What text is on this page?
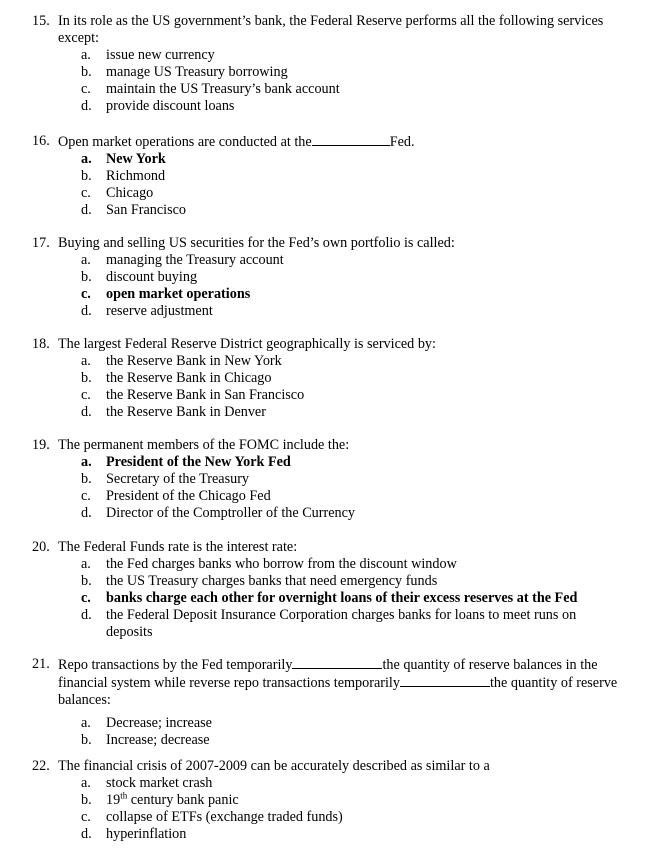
15. In its role as the US government’s bank, the Federal Reserve performs all the following services except:
a. issue new currency
b. manage US Treasury borrowing
c. maintain the US Treasury’s bank account
d. provide discount loans
16. Open market operations are conducted at the	Fed.
a. New York
b. Richmond
c. Chicago
d. San Francisco
17. Buying and selling US securities for the Fed’s own portfolio is called:
a. managing the Treasury account
b. discount buying
c. open market operations
d. reserve adjustment
18. The largest Federal Reserve District geographically is serviced by:
a. the Reserve Bank in New York
b. the Reserve Bank in Chicago
c. the Reserve Bank in San Francisco
d. the Reserve Bank in Denver
19. The permanent members of the FOMC include the:
a. President of the New York Fed
b. Secretary of the Treasury
c. President of the Chicago Fed
d. Director of the Comptroller of the Currency
20. The Federal Funds rate is the interest rate:
a. the Fed charges banks who borrow from the discount window
b. the US Treasury charges banks that need emergency funds
c. banks charge each other for overnight loans of their excess reserves at the Fed
d. the Federal Deposit Insurance Corporation charges banks for loans to meet runs on deposits
21. Repo transactions by the Fed temporarily	the quantity of reserve balances in the financial system while reverse repo transactions temporarily	the quantity of reserve balances:
a. Decrease; increase
b. Increase; decrease
22. The financial crisis of 2007-2009 can be accurately described as similar to a
a. stock market crash
b. 19th century bank panic
c. collapse of ETFs (exchange traded funds)
d. hyperinflation
